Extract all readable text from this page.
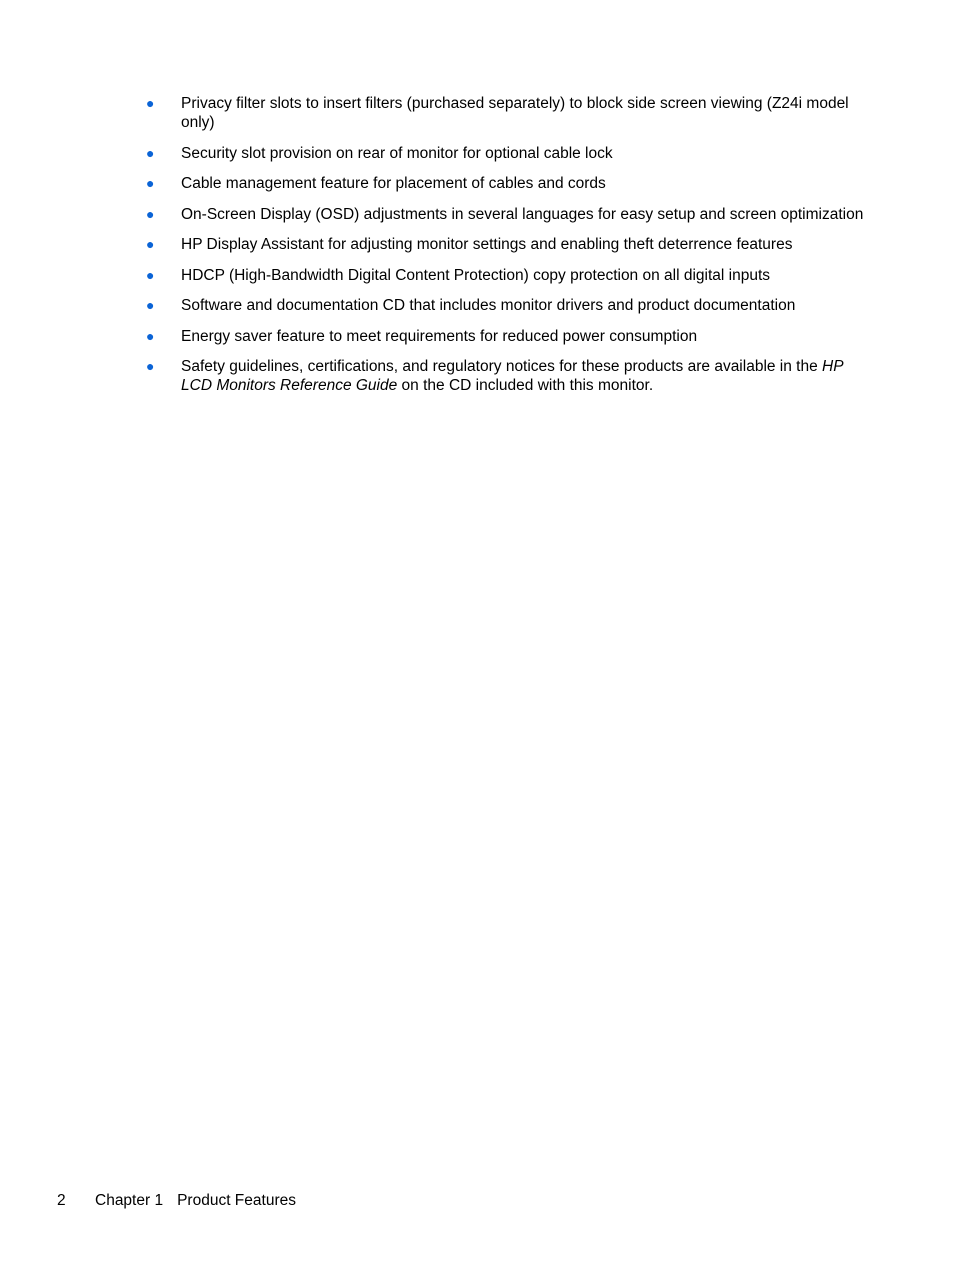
● Privacy filter slots to insert filters (purchased separately) to block side screen viewing (Z24i model only)
● Security slot provision on rear of monitor for optional cable lock
● Cable management feature for placement of cables and cords
● On-Screen Display (OSD) adjustments in several languages for easy setup and screen optimization
● HP Display Assistant for adjusting monitor settings and enabling theft deterrence features
● HDCP (High-Bandwidth Digital Content Protection) copy protection on all digital inputs
● Software and documentation CD that includes monitor drivers and product documentation
● Energy saver feature to meet requirements for reduced power consumption
● Safety guidelines, certifications, and regulatory notices for these products are available in the HP LCD Monitors Reference Guide on the CD included with this monitor.
2 Chapter 1 Product Features
